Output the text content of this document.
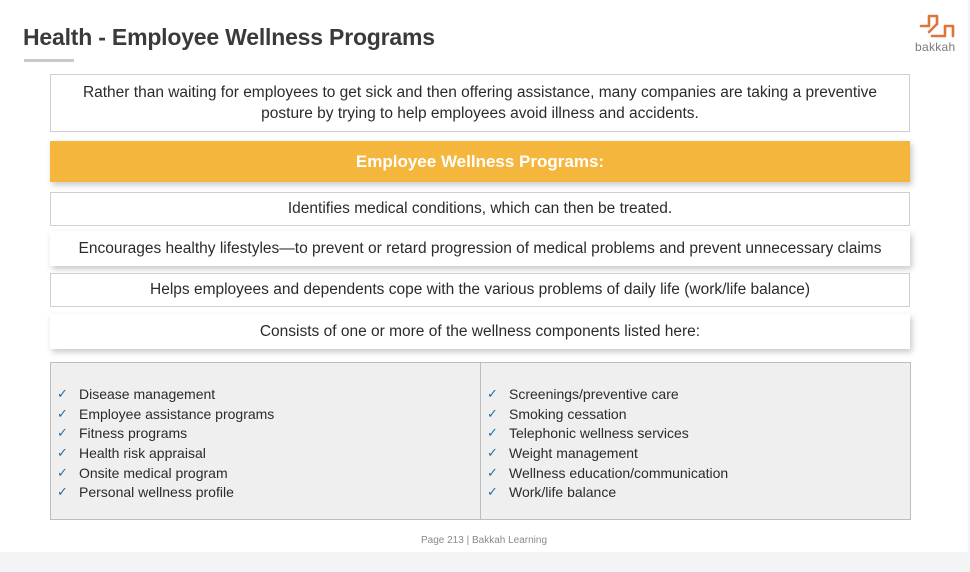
Health - Employee Wellness Programs	bakkah
Rather than waiting for employees to get sick and then offering assistance, many companies are taking a preventive posture by trying to help employees avoid illness and accidents.
Employee Wellness Programs:
Identifies medical conditions, which can then be treated.
Encourages healthy lifestyles—to prevent or retard progression of medical problems and prevent unnecessary claims
Helps employees and dependents cope with the various problems of daily life (work/life balance)
Consists of one or more of the wellness components listed here:
✓ Disease management
✓ Employee assistance programs
✓ Fitness programs
✓ Health risk appraisal
✓ Onsite medical program
✓ Personal wellness profile
✓ Screenings/preventive care
✓ Smoking cessation
✓ Telephonic wellness services
✓ Weight management
✓ Wellness education/communication
✓ Work/life balance
Page 213 | Bakkah Learning
